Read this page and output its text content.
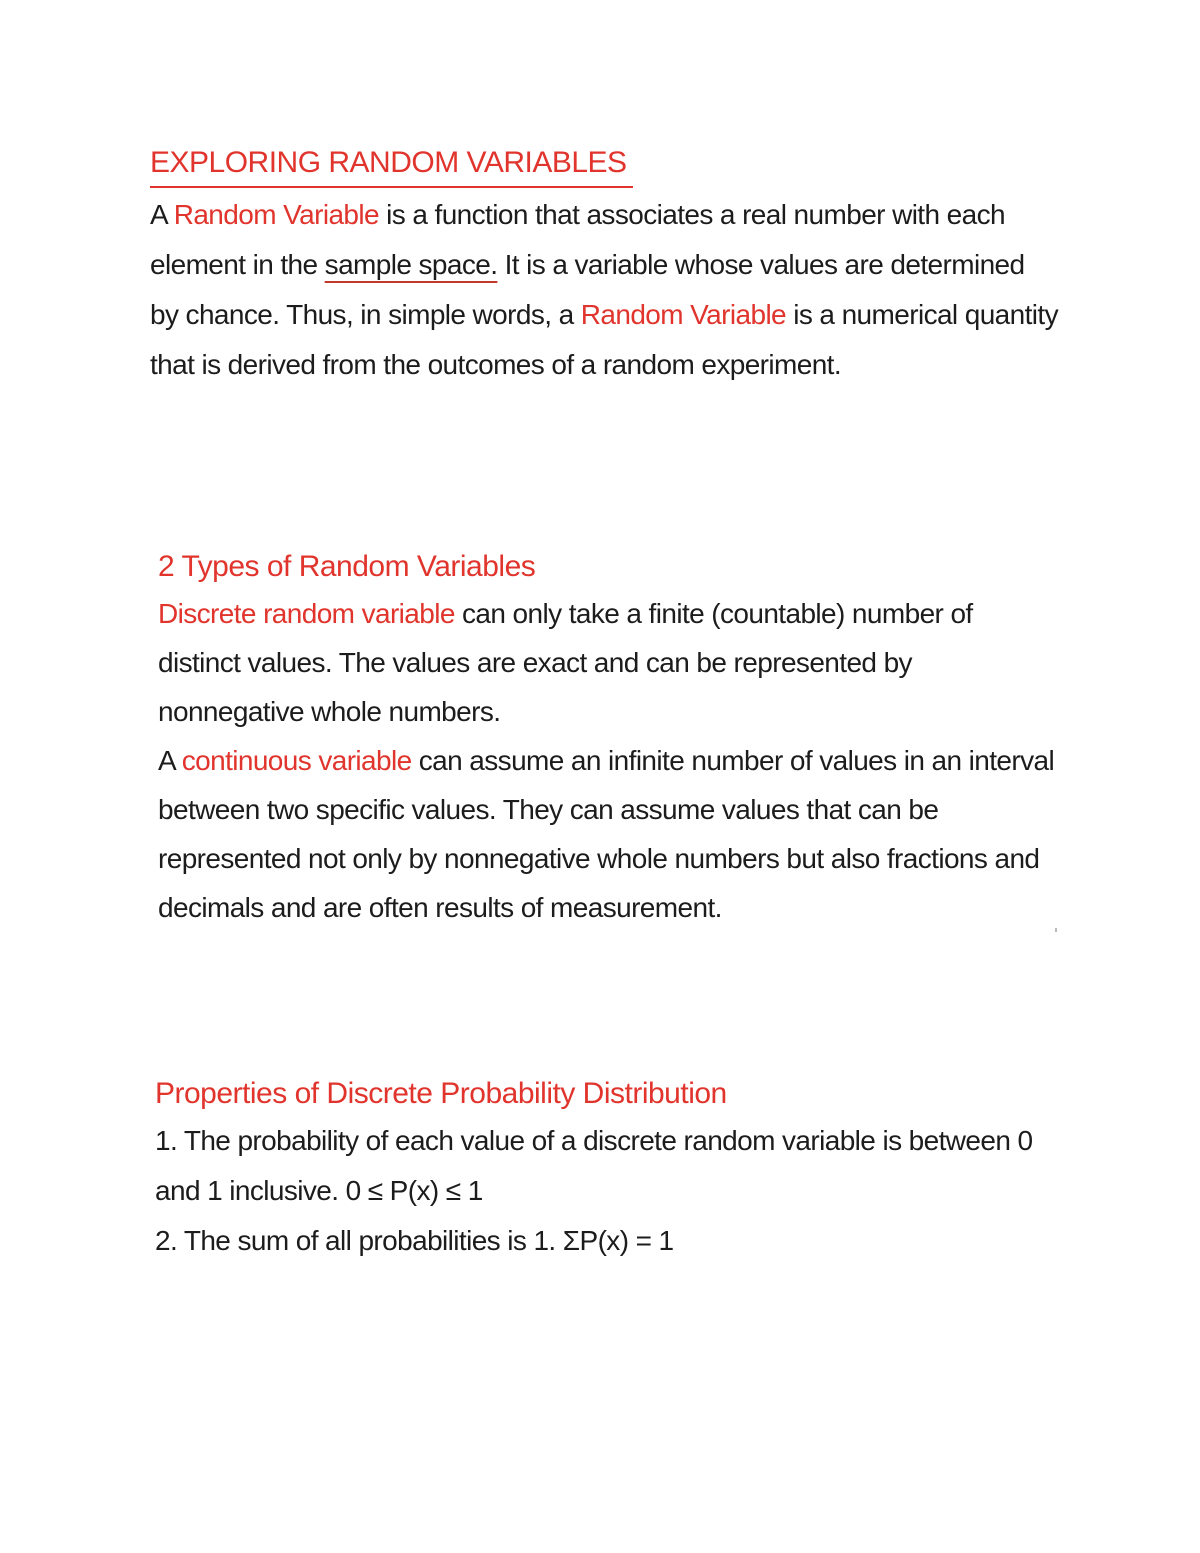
EXPLORING RANDOM VARIABLES

A Random Variable is a function that associates a real number with each element in the sample space. It is a variable whose values are determined by chance. Thus, in simple words, a Random Variable is a numerical quantity that is derived from the outcomes of a random experiment.

2 Types of Random Variables

Discrete random variable can only take a finite (countable) number of distinct values. The values are exact and can be represented by nonnegative whole numbers.

A continuous variable can assume an infinite number of values in an interval between two specific values. They can assume values that can be represented not only by nonnegative whole numbers but also fractions and decimals and are often results of measurement.

Properties of Discrete Probability Distribution

1. The probability of each value of a discrete random variable is between 0 and 1 inclusive. 0 ≤ P(x) ≤ 1

2. The sum of all probabilities is 1. ΣP(x) = 1
